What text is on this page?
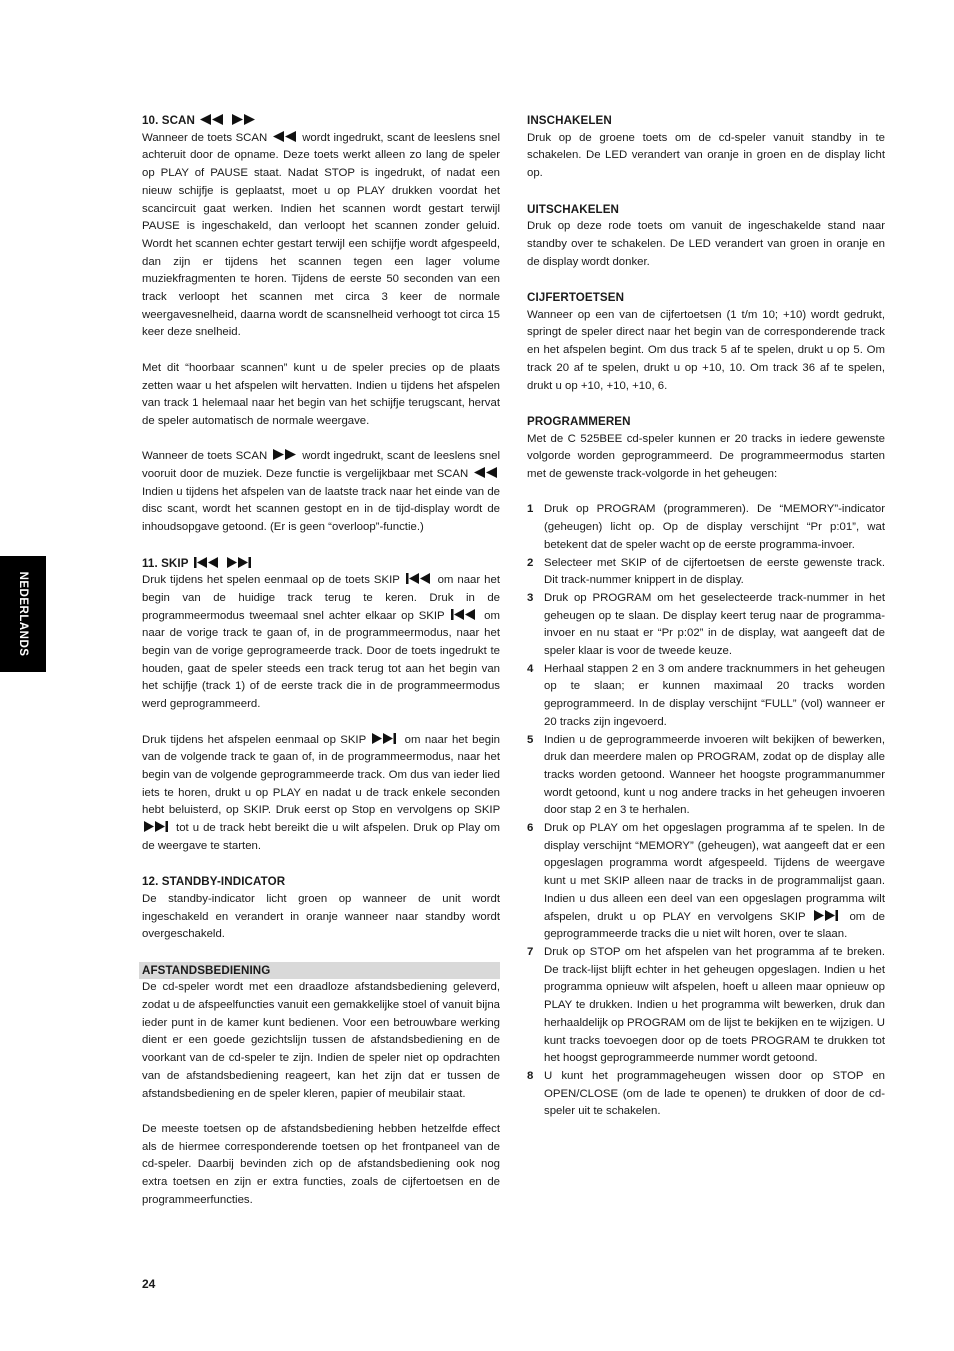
NEDERLANDS
10. SCAN

Wanneer de toets SCAN	wordt ingedrukt, scant de leeslens snel achteruit door de opname. Deze toets werkt alleen zo lang de speler op PLAY of PAUSE staat. Nadat STOP is ingedrukt, of nadat een nieuw schijfje is geplaatst, moet u op PLAY drukken voordat het scancircuit gaat werken. Indien het scannen wordt gestart terwijl PAUSE is ingeschakeld, dan verloopt het scannen zonder geluid. Wordt het scannen echter gestart terwijl een schijfje wordt afgespeeld, dan zijn er tijdens het scannen tegen een lager volume muziekfragmenten te horen. Tijdens de eerste 50 seconden van een track verloopt het scannen met circa 3 keer de normale weergavesnelheid, daarna wordt de scansnelheid verhoogt tot circa 15 keer deze snelheid.

Met dit “hoorbaar scannen” kunt u de speler precies op de plaats zetten waar u het afspelen wilt hervatten. Indien u tijdens het afspelen van track 1 helemaal naar het begin van het schijfje terugscant, hervat de speler automatisch de normale weergave.

Wanneer de toets SCAN	wordt ingedrukt, scant de leeslens snel vooruit door de muziek. Deze functie is vergelijkbaar met SCAN
Indien u tijdens het afspelen van de laatste track naar het einde van de disc scant, wordt het scannen gestopt en in de tijd-display wordt de inhoudsopgave getoond. (Er is geen “overloop”-functie.)

11. SKIP

Druk tijdens het spelen eenmaal op de toets SKIP	om naar het begin van de huidige track terug te keren. Druk in de programmeermodus tweemaal snel achter elkaar op SKIP	om naar de vorige track te gaan of, in de programmeermodus, naar het begin van de vorige geprogrameerde track. Door de toets ingedrukt te houden, gaat de speler steeds een track terug tot aan het begin van het schijfje (track 1) of de eerste track die in de programmeermodus werd geprogrammeerd.

Druk tijdens het afspelen eenmaal op SKIP	om naar het begin van de volgende track te gaan of, in de programmeermodus, naar het begin van de volgende geprogrammeerde track. Om dus van ieder lied iets te horen, drukt u op PLAY en nadat u de track enkele seconden hebt beluisterd, op SKIP. Druk eerst op Stop en vervolgens op SKIP
tot u de track hebt bereikt die u wilt afspelen. Druk op Play om de weergave te starten.

12. STANDBY-INDICATOR

De standby-indicator licht groen op wanneer de unit wordt ingeschakeld en verandert in oranje wanneer naar standby wordt overgeschakeld.

AFSTANDSBEDIENING

De cd-speler wordt met een draadloze afstandsbediening geleverd, zodat u de afspeelfuncties vanuit een gemakkelijke stoel of vanuit bijna ieder punt in de kamer kunt bedienen. Voor een betrouwbare werking dient er een goede gezichtslijn tussen de afstandsbediening en de voorkant van de cd-speler te zijn. Indien de speler niet op opdrachten van de afstandsbediening reageert, kan het zijn dat er tussen de afstandsbediening en de speler kleren, papier of meubilair staat.

De meeste toetsen op de afstandsbediening hebben hetzelfde effect als de hiermee corresponderende toetsen op het frontpaneel van de cd-speler. Daarbij bevinden zich op de afstandsbediening ook nog extra toetsen en zijn er extra functies, zoals de cijfertoetsen en de programmeerfuncties.

INSCHAKELEN

Druk op de groene toets om de cd-speler vanuit standby in te schakelen. De LED verandert van oranje in groen en de display licht op.

UITSCHAKELEN

Druk op deze rode toets om vanuit de ingeschakelde stand naar standby over te schakelen. De LED verandert van groen in oranje en de display wordt donker.

CIJFERTOETSEN

Wanneer op een van de cijfertoetsen (1 t/m 10; +10) wordt gedrukt, springt de speler direct naar het begin van de corresponderende track en het afspelen begint. Om dus track 5 af te spelen, drukt u op 5. Om track 20 af te spelen, drukt u op +10, 10. Om track 36 af te spelen, drukt u op +10, +10, +10, 6.

PROGRAMMEREN

Met de C 525BEE cd-speler kunnen er 20 tracks in iedere gewenste volgorde worden geprogrammeerd. De programmeermodus starten met de gewenste track-volgorde in het geheugen:

1 Druk op PROGRAM (programmeren). De “MEMORY”-indicator (geheugen) licht op. Op de display verschijnt “Pr p:01”, wat betekent dat de speler wacht op de eerste programma-invoer.
2 Selecteer met SKIP of de cijfertoetsen de eerste gewenste track. Dit track-nummer knippert in de display.
3 Druk op PROGRAM om het geselecteerde track-nummer in het geheugen op te slaan. De display keert terug naar de programma-invoer en nu staat er “Pr p:02” in de display, wat aangeeft dat de speler klaar is voor de tweede keuze.
4 Herhaal stappen 2 en 3 om andere tracknummers in het geheugen op te slaan; er kunnen maximaal 20 tracks worden geprogrammeerd. In de display verschijnt “FULL” (vol) wanneer er 20 tracks zijn ingevoerd.
5 Indien u de geprogrammeerde invoeren wilt bekijken of bewerken, druk dan meerdere malen op PROGRAM, zodat op de display alle tracks worden getoond. Wanneer het hoogste programmanummer wordt getoond, kunt u nog andere tracks in het geheugen invoeren door stap 2 en 3 te herhalen.
6 Druk op PLAY om het opgeslagen programma af te spelen. In de display verschijnt “MEMORY” (geheugen), wat aangeeft dat er een opgeslagen programma wordt afgespeeld. Tijdens de weergave kunt u met SKIP alleen naar de tracks in de programmalijst gaan. Indien u dus alleen een deel van een opgeslagen programma wilt afspelen, drukt u op PLAY en vervolgens SKIP	om de geprogrammeerde tracks die u niet wilt horen, over te slaan.
7 Druk op STOP om het afspelen van het programma af te breken. De track-lijst blijft echter in het geheugen opgeslagen. Indien u het programma opnieuw wilt afspelen, hoeft u alleen maar opnieuw op PLAY te drukken. Indien u het programma wilt bewerken, druk dan herhaaldelijk op PROGRAM om de lijst te bekijken en te wijzigen. U kunt tracks toevoegen door op de toets PROGRAM te drukken tot het hoogst geprogrammeerde nummer wordt getoond.
8 U kunt het programmageheugen wissen door op STOP en OPEN/CLOSE (om de lade te openen) te drukken of door de cd-speler uit te schakelen.
24
